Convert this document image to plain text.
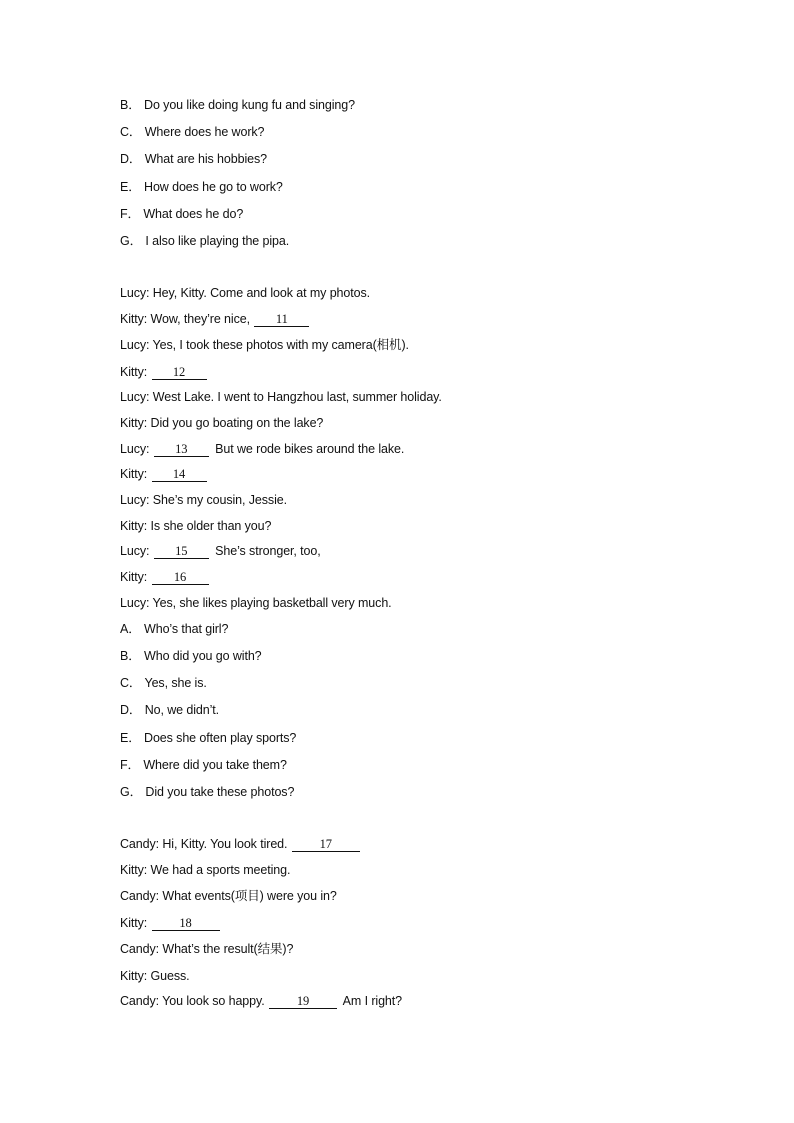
B． Do you like doing kung fu and singing?
C． Where does he work?
D． What are his hobbies?
E． How does he go to work?
F． What does he do?
G． I also like playing the pipa.
Lucy: Hey, Kitty. Come and look at my photos.
Kitty: Wow, they’re nice, 11
Lucy: Yes, I took these photos with my camera(相机).
Kitty: 12
Lucy: West Lake. I went to Hangzhou last, summer holiday.
Kitty: Did you go boating on the lake?
Lucy: 13 But we rode bikes around the lake.
Kitty: 14
Lucy: She’s my cousin, Jessie.
Kitty: Is she older than you?
Lucy: 15 She’s stronger, too,
Kitty: 16
Lucy: Yes, she likes playing basketball very much.
A． Who’s that girl?
B． Who did you go with?
C． Yes, she is.
D． No, we didn’t.
E． Does she often play sports?
F． Where did you take them?
G． Did you take these photos?
Candy: Hi, Kitty. You look tired.	17
Kitty: We had a sports meeting.
Candy: What events(项目) were you in?
Kitty:	18
Candy: What’s the result(结果)?
Kitty: Guess.
Candy: You look so happy.	19	Am I right?
